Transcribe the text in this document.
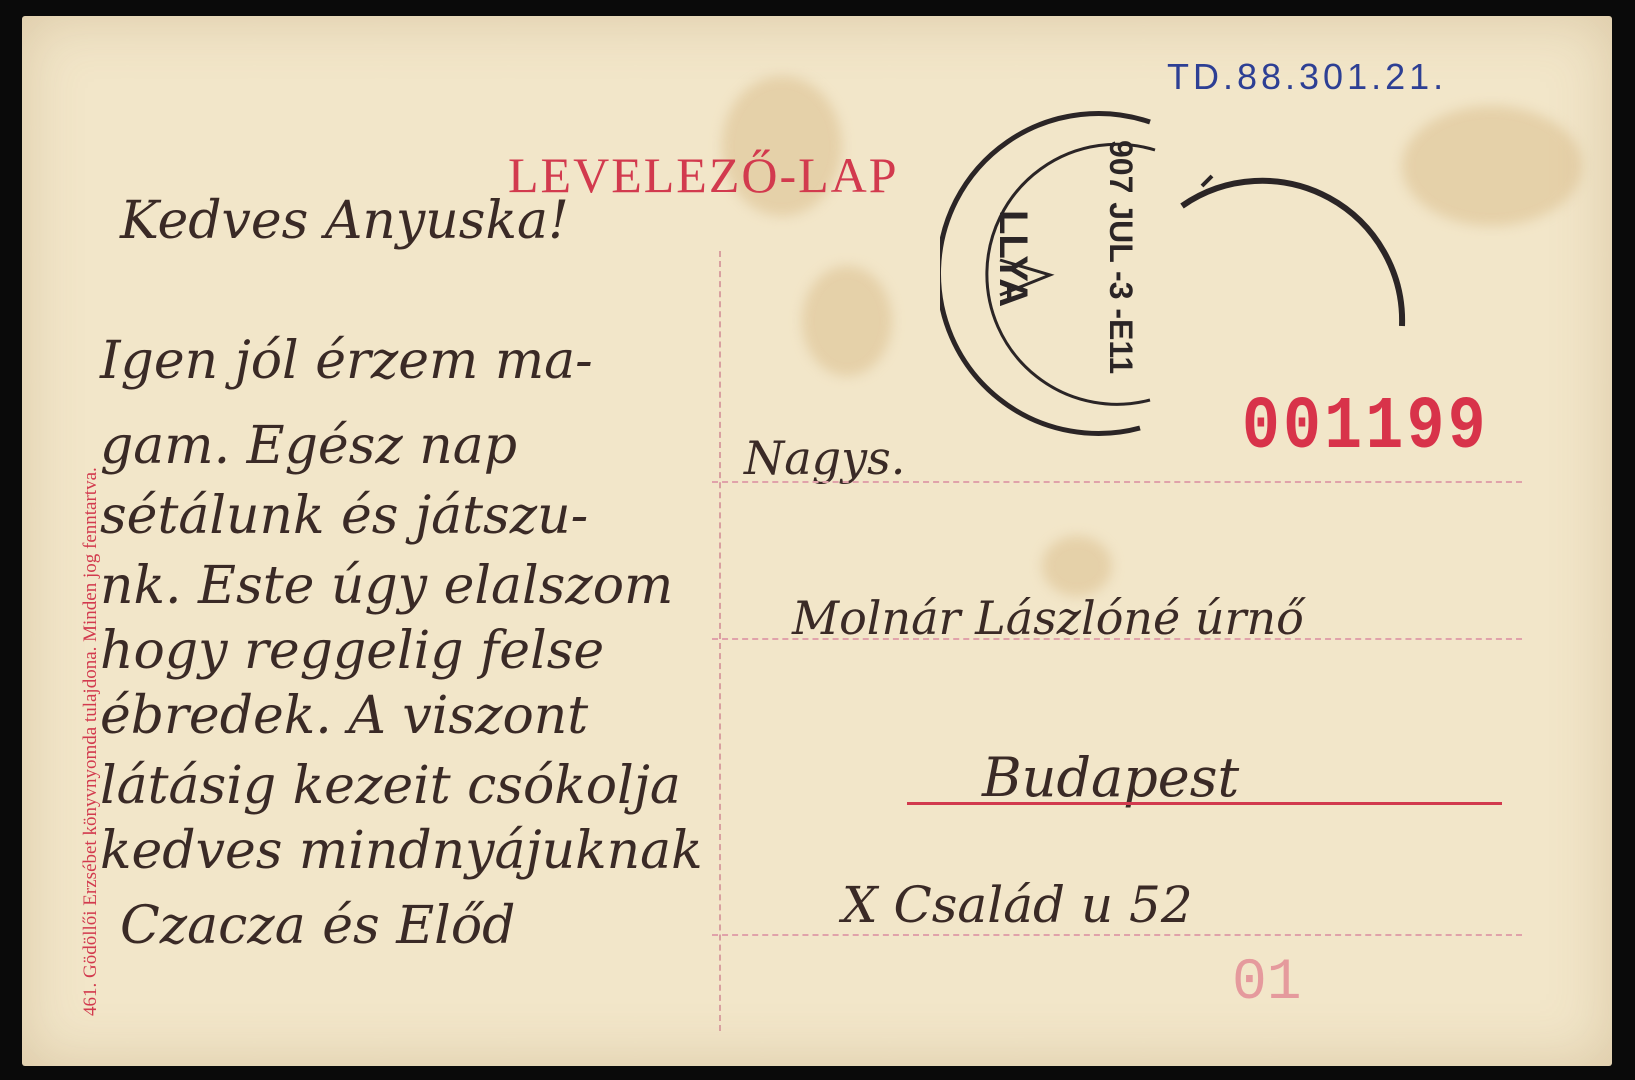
LEVELEZŐ-LAP
461. Gödöllői Erzsébet könyvnyomda tulajdona. Minden jog fenntartva.
TD.88.301.21.
LLYA 907 JUL -3 -E11
001199
01
Kedves Anyuska!
Igen jól érzem ma-
gam. Egész nap
sétálunk és játszu-
nk. Este úgy elalszom
hogy reggelig felse
ébredek. A viszont
látásig kezeit csókolja
kedves mindnyájuknak
Czacza és Előd
Nagys.
Molnár Lászlóné úrnő
Budapest
X Család u 52
